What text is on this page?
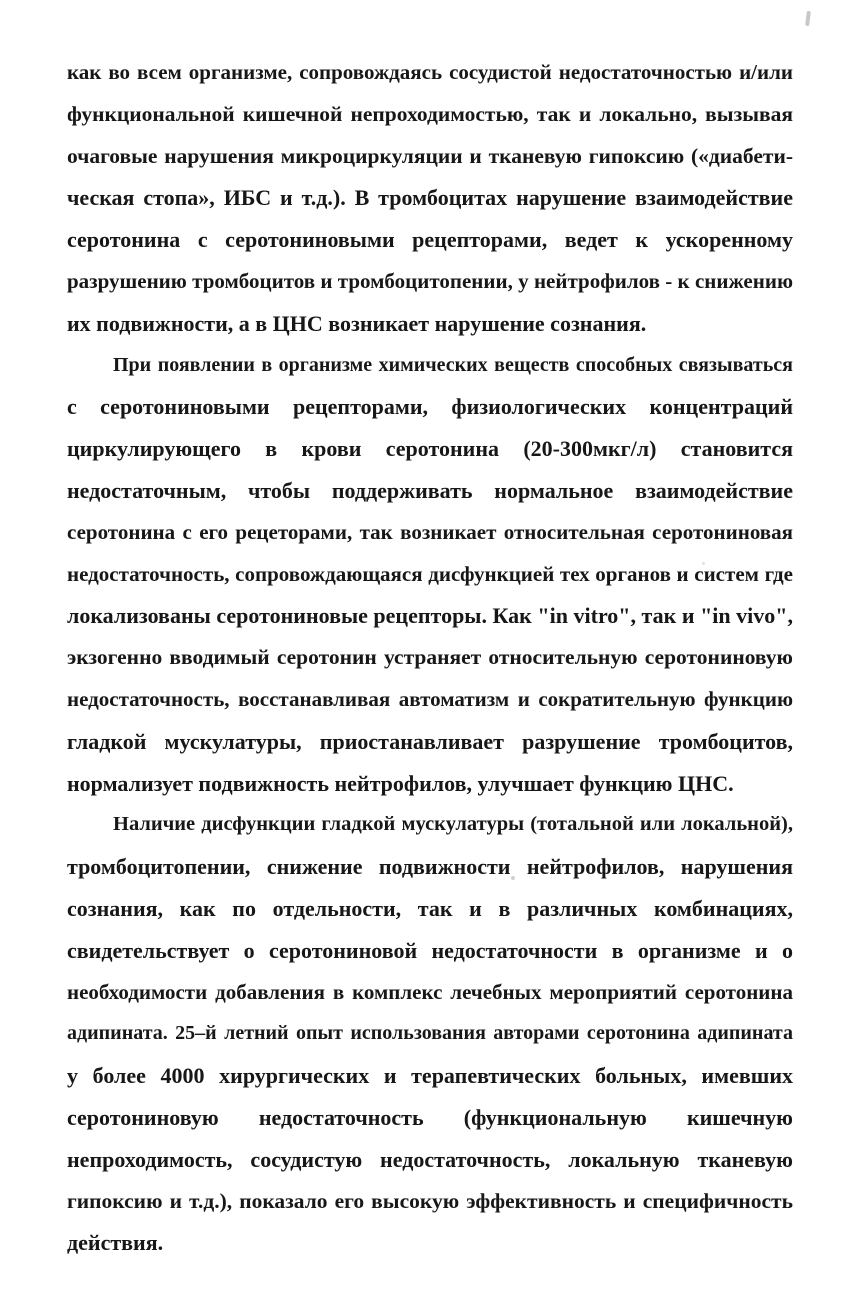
как во всем организме, сопровождаясь сосудистой недостаточностью и/или
функциональной кишечной непроходимостью, так и локально, вызывая
очаговые нарушения микроциркуляции и тканевую гипоксию («диабети-
ческая стопа», ИБС и т.д.). В тромбоцитах нарушение взаимодействие
серотонина с серотониновыми рецепторами, ведет к ускоренному
разрушению тромбоцитов и тромбоцитопении, у нейтрофилов - к снижению
их подвижности, а в ЦНС возникает нарушение сознания.
При появлении в организме химических веществ способных связываться
с серотониновыми рецепторами, физиологических концентраций
циркулирующего в крови серотонина (20-300мкг/л) становится
недостаточным, чтобы поддерживать нормальное взаимодействие
серотонина с его рецеторами, так возникает относительная серотониновая
недостаточность, сопровождающаяся дисфункцией тех органов и систем где
локализованы серотониновые рецепторы. Как "in vitro", так и "in vivo",
экзогенно вводимый серотонин устраняет относительную серотониновую
недостаточность, восстанавливая автоматизм и сократительную функцию
гладкой мускулатуры, приостанавливает разрушение тромбоцитов,
нормализует подвижность нейтрофилов, улучшает функцию ЦНС.
Наличие дисфункции гладкой мускулатуры (тотальной или локальной),
тромбоцитопении, снижение подвижности нейтрофилов, нарушения
сознания, как по отдельности, так и в различных комбинациях,
свидетельствует о серотониновой недостаточности в организме и о
необходимости добавления в комплекс лечебных мероприятий серотонина
адипината. 25–й летний опыт использования авторами серотонина адипината
у более 4000 хирургических и терапевтических больных, имевших
серотониновую недостаточность (функциональную кишечную
непроходимость, сосудистую недостаточность, локальную тканевую
гипоксию и т.д.), показало его высокую эффективность и специфичность
действия.
